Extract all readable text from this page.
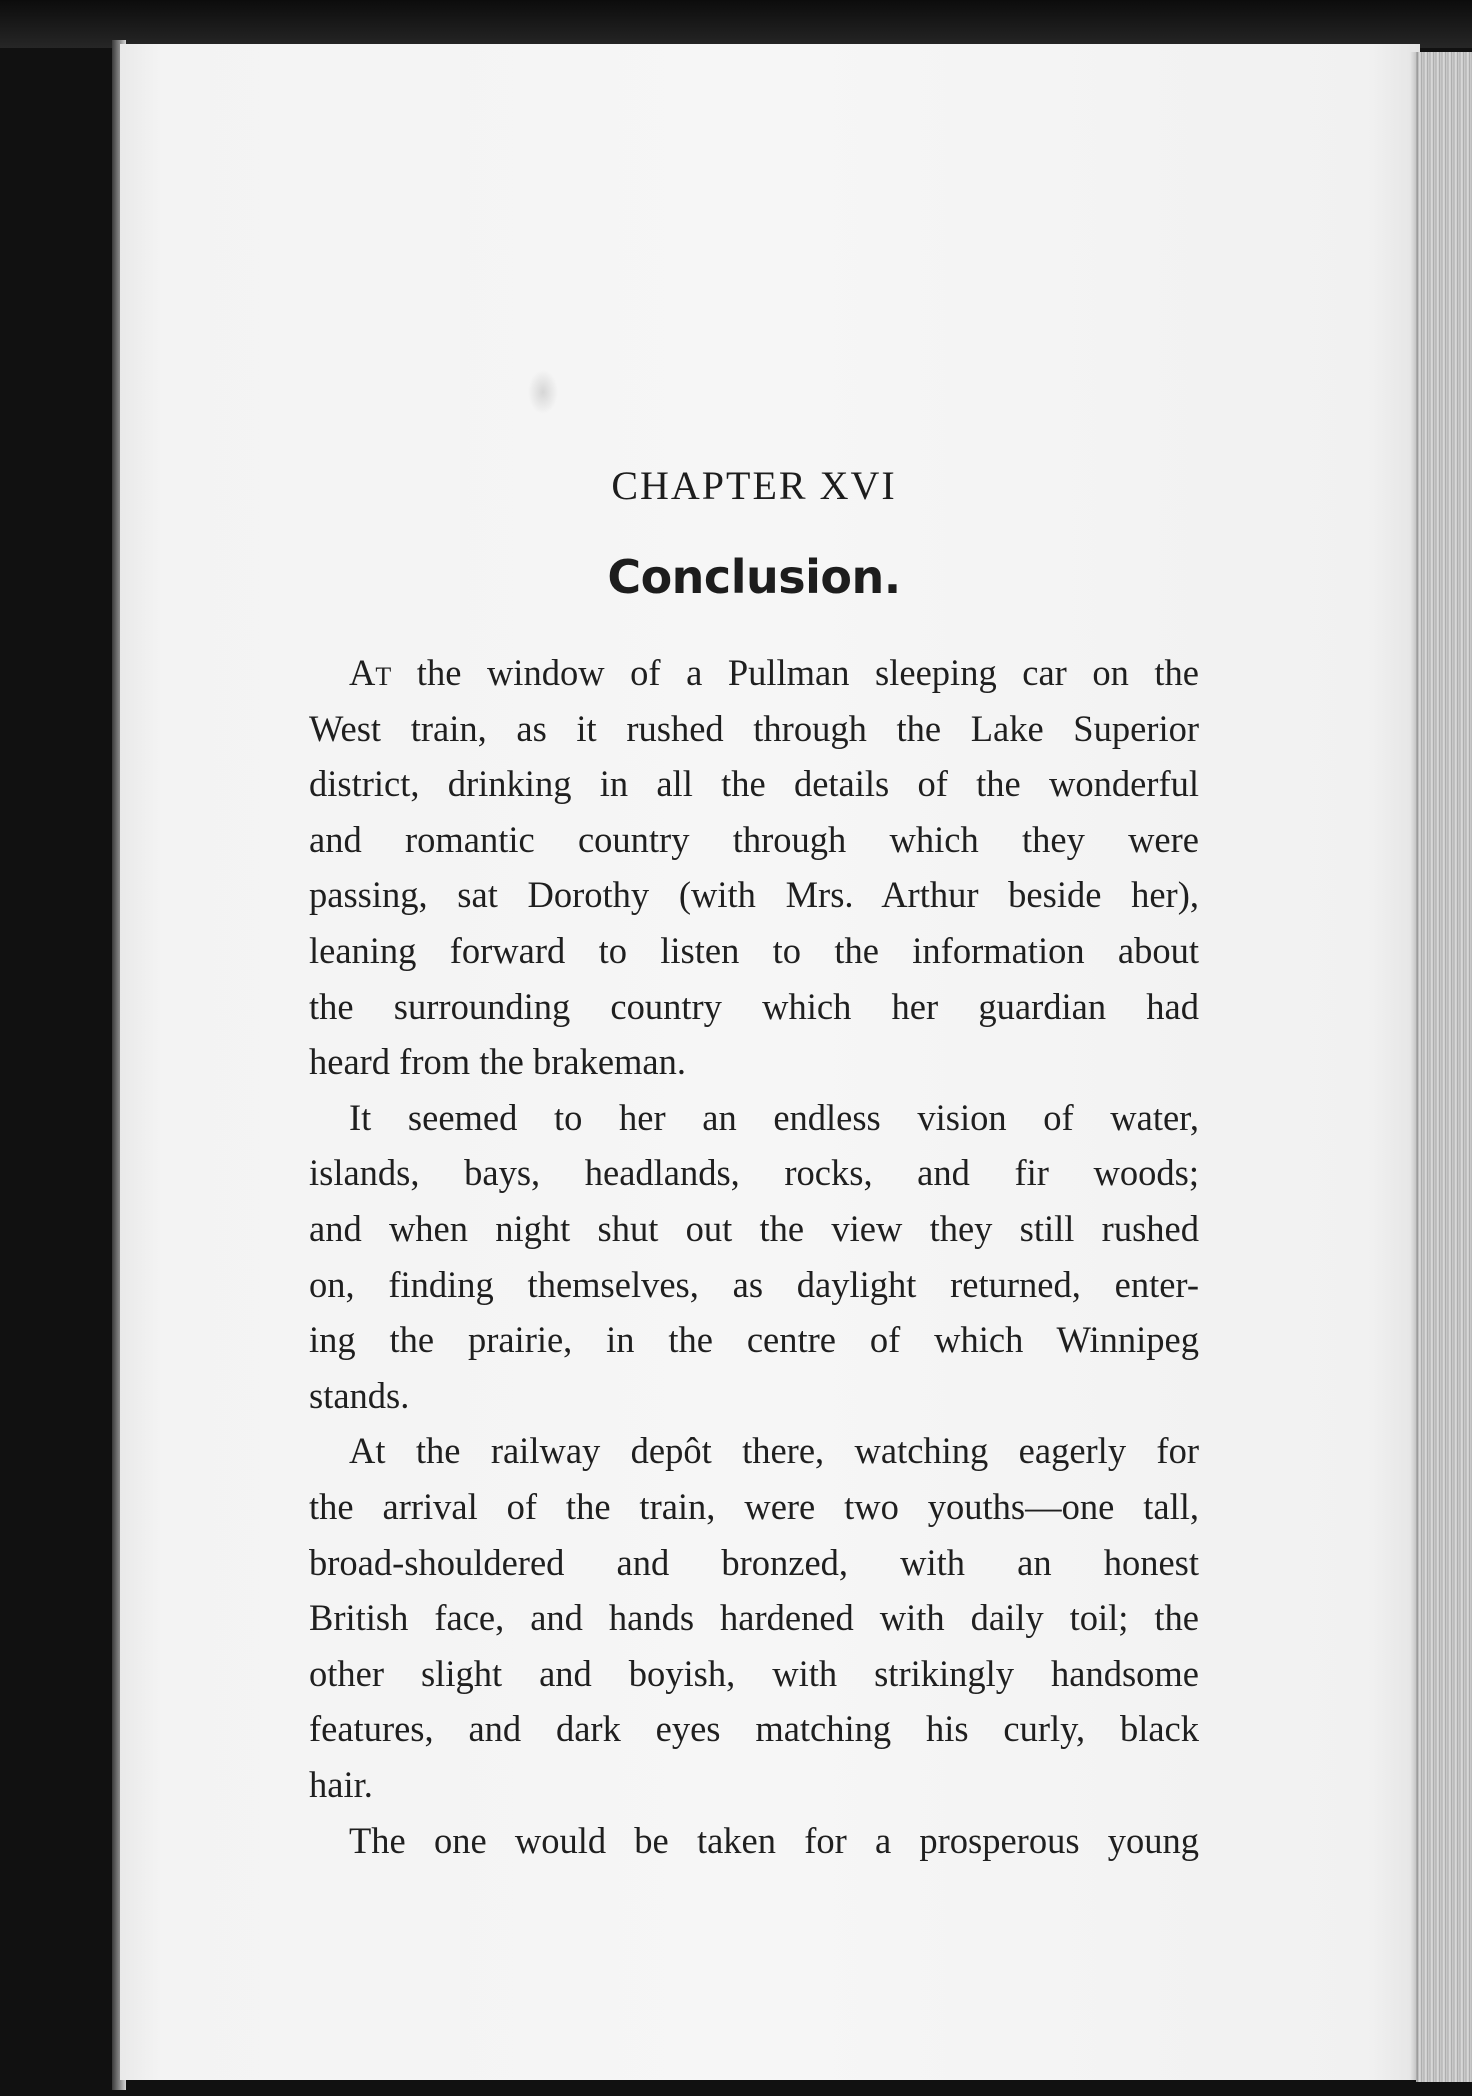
CHAPTER XVI
Conclusion.
At the window of a Pullman sleeping car on the
West train, as it rushed through the Lake Superior
district, drinking in all the details of the wonderful
and romantic country through which they were
passing, sat Dorothy (with Mrs. Arthur beside her),
leaning forward to listen to the information about
the surrounding country which her guardian had
heard from the brakeman.
It seemed to her an endless vision of water,
islands, bays, headlands, rocks, and fir woods;
and when night shut out the view they still rushed
on, finding themselves, as daylight returned, enter-
ing the prairie, in the centre of which Winnipeg
stands.
At the railway depôt there, watching eagerly for
the arrival of the train, were two youths—one tall,
broad-shouldered and bronzed, with an honest
British face, and hands hardened with daily toil; the
other slight and boyish, with strikingly handsome
features, and dark eyes matching his curly, black
hair.
The one would be taken for a prosperous young
